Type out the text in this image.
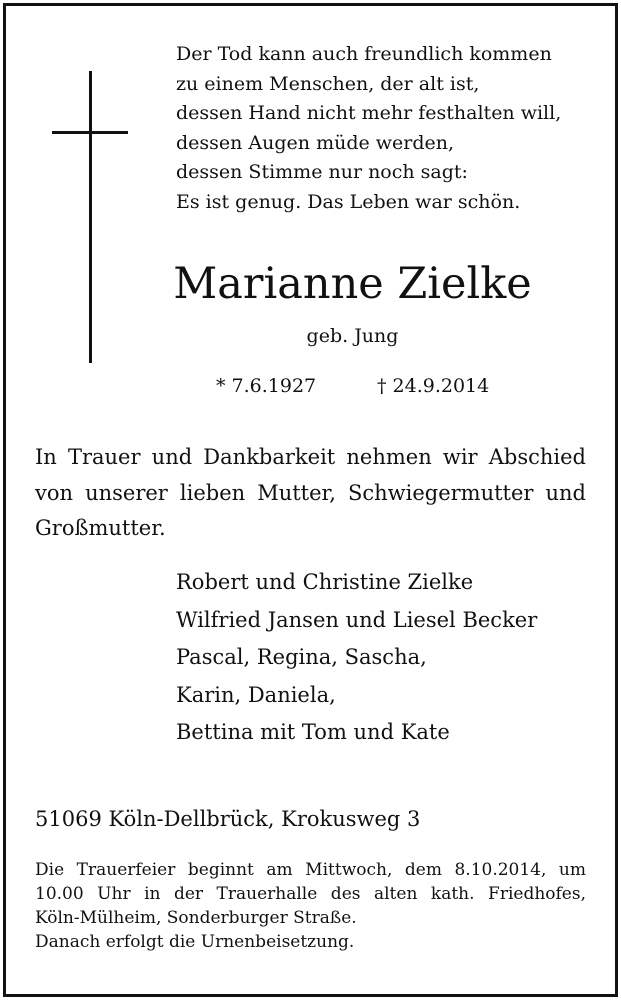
Der Tod kann auch freundlich kommen
zu einem Menschen, der alt ist,
dessen Hand nicht mehr festhalten will,
dessen Augen müde werden,
dessen Stimme nur noch sagt:
Es ist genug. Das Leben war schön.
Marianne Zielke
geb. Jung
* 7.6.1927	† 24.9.2014
In Trauer und Dankbarkeit nehmen wir Abschied
von unserer lieben Mutter, Schwiegermutter und
Großmutter.
Robert und Christine Zielke
Wilfried Jansen und Liesel Becker
Pascal, Regina, Sascha,
Karin, Daniela,
Bettina mit Tom und Kate
51069 Köln-Dellbrück, Krokusweg 3
Die Trauerfeier beginnt am Mittwoch, dem 8.10.2014, um
10.00 Uhr in der Trauerhalle des alten kath. Friedhofes,
Köln-Mülheim, Sonderburger Straße.
Danach erfolgt die Urnenbeisetzung.
